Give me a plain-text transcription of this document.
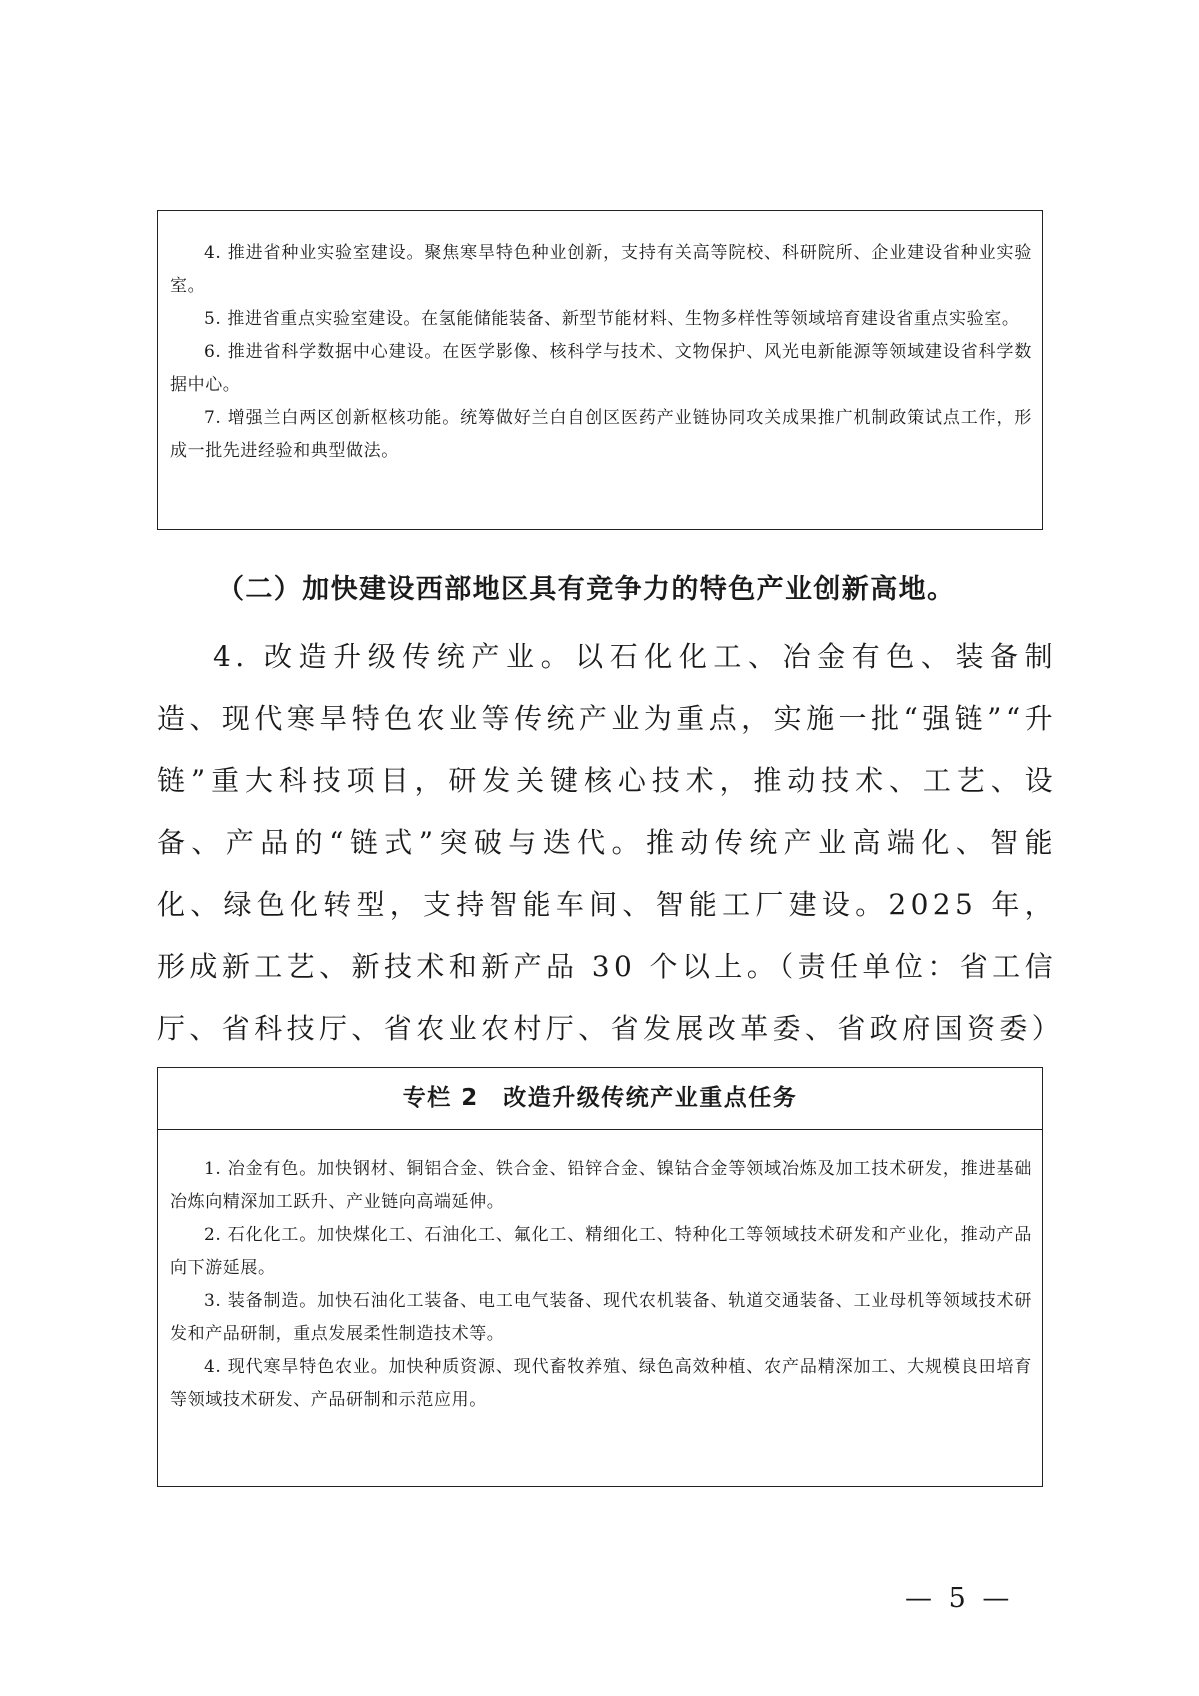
4. 推进省种业实验室建设。聚焦寒旱特色种业创新，支持有关高等院校、科研院所、企业建设省种业实验室。

5. 推进省重点实验室建设。在氢能储能装备、新型节能材料、生物多样性等领域培育建设省重点实验室。

6. 推进省科学数据中心建设。在医学影像、核科学与技术、文物保护、风光电新能源等领域建设省科学数据中心。

7. 增强兰白两区创新枢核功能。统筹做好兰白自创区医药产业链协同攻关成果推广机制政策试点工作，形成一批先进经验和典型做法。

（二）加快建设西部地区具有竞争力的特色产业创新高地。

4. 改造升级传统产业。以石化化工、冶金有色、装备制造、现代寒旱特色农业等传统产业为重点，实施一批“强链”“升链”重大科技项目，研发关键核心技术，推动技术、工艺、设备、产品的“链式”突破与迭代。推动传统产业高端化、智能化、绿色化转型，支持智能车间、智能工厂建设。2025 年，形成新工艺、新技术和新产品 30 个以上。（责任单位：省工信厅、省科技厅、省农业农村厅、省发展改革委、省政府国资委）

专栏 2　改造升级传统产业重点任务

1. 冶金有色。加快钢材、铜铝合金、铁合金、铅锌合金、镍钴合金等领域冶炼及加工技术研发，推进基础冶炼向精深加工跃升、产业链向高端延伸。

2. 石化化工。加快煤化工、石油化工、氟化工、精细化工、特种化工等领域技术研发和产业化，推动产品向下游延展。

3. 装备制造。加快石油化工装备、电工电气装备、现代农机装备、轨道交通装备、工业母机等领域技术研发和产品研制，重点发展柔性制造技术等。

4. 现代寒旱特色农业。加快种质资源、现代畜牧养殖、绿色高效种植、农产品精深加工、大规模良田培育等领域技术研发、产品研制和示范应用。

— 5 —
